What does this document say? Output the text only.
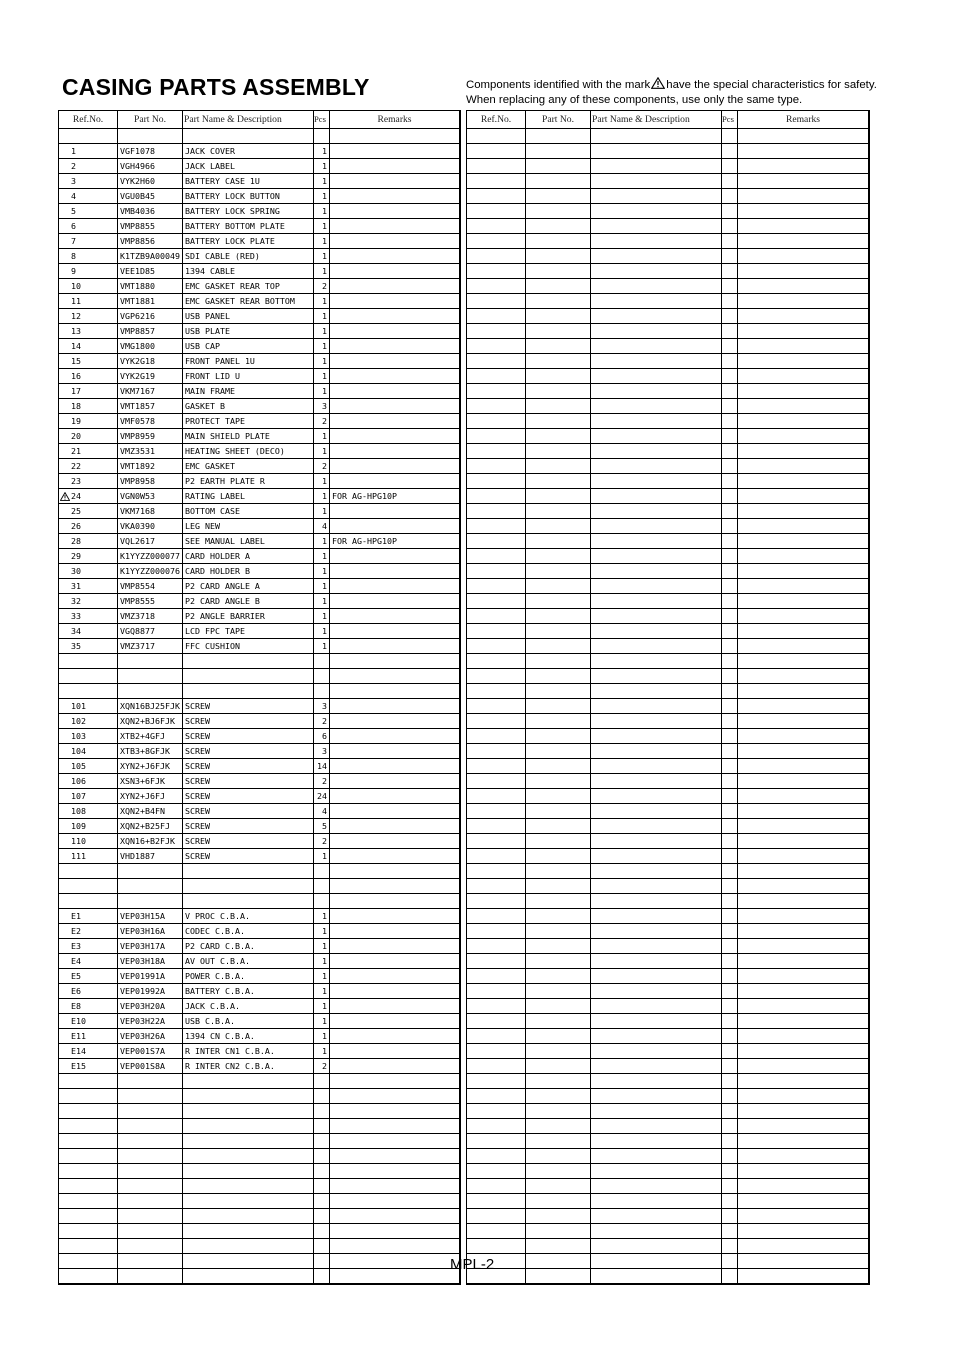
CASING PARTS ASSEMBLY	Components identified with the mark have the special characteristics for safety.
When replacing any of these components, use only the same type.
Ref.No.	Part No.	Part Name & Description	Pcs	Remarks
1	VGF1078	JACK COVER	1
2	VGH4966	JACK LABEL	1
3	VYK2H60	BATTERY CASE 1U	1
4	VGU0B45	BATTERY LOCK BUTTON	1
5	VMB4036	BATTERY LOCK SPRING	1
6	VMP8855	BATTERY BOTTOM PLATE	1
7	VMP8856	BATTERY LOCK PLATE	1
8	K1TZB9A00049 SDI CABLE (RED)	1
9	VEE1D85	1394 CABLE	1
10	VMT1880	EMC GASKET REAR TOP	2
11	VMT1881	EMC GASKET REAR BOTTOM	1
12	VGP6216	USB PANEL	1
13	VMP8857	USB PLATE	1
14	VMG1800	USB CAP	1
15	VYK2G18	FRONT PANEL 1U	1
16	VYK2G19	FRONT LID U	1
17	VKM7167	MAIN FRAME	1
18	VMT1857	GASKET B	3
19	VMF0578	PROTECT TAPE	2
20	VMP8959	MAIN SHIELD PLATE	1
21	VMZ3531	HEATING SHEET (DECO)	1
22	VMT1892	EMC GASKET	2
23	VMP8958	P2 EARTH PLATE R	1
24	VGN0W53	RATING LABEL	1 FOR AG-HPG10P
25	VKM7168	BOTTOM CASE	1
26	VKA0390	LEG NEW	4
28	VQL2617	SEE MANUAL LABEL	1 FOR AG-HPG10P
29	K1YYZZ000077 CARD HOLDER A	1
30	K1YYZZ000076 CARD HOLDER B	1
31	VMP8554	P2 CARD ANGLE A	1
32	VMP8555	P2 CARD ANGLE B	1
33	VMZ3718	P2 ANGLE BARRIER	1
34	VGQ8877	LCD FPC TAPE	1
35	VMZ3717	FFC CUSHION	1
101	XQN16BJ25FJK SCREW	3
102	XQN2+BJ6FJK	SCREW	2
103	XTB2+4GFJ	SCREW	6
104	XTB3+8GFJK	SCREW	3
105	XYN2+J6FJK	SCREW	14
106	XSN3+6FJK	SCREW	2
107	XYN2+J6FJ	SCREW	24
108	XQN2+B4FN	SCREW	4
109	XQN2+B25FJ	SCREW	5
110	XQN16+B2FJK	SCREW	2
111	VHD1887	SCREW	1
E1	VEP03H15A	V PROC C.B.A.	1
E2	VEP03H16A	CODEC C.B.A.	1
E3	VEP03H17A	P2 CARD C.B.A.	1
E4	VEP03H18A	AV OUT C.B.A.	1
E5	VEP01991A	POWER C.B.A.	1
E6	VEP01992A	BATTERY C.B.A.	1
E8	VEP03H20A	JACK C.B.A.	1
E10	VEP03H22A	USB C.B.A.	1
E11	VEP03H26A	1394 CN C.B.A.	1
E14	VEP001S7A	R INTER CN1 C.B.A.	1
E15	VEP001S8A	R INTER CN2 C.B.A.	2
Ref.No.	Part No.	Part Name & Description	Pcs	Remarks
MPL-2
